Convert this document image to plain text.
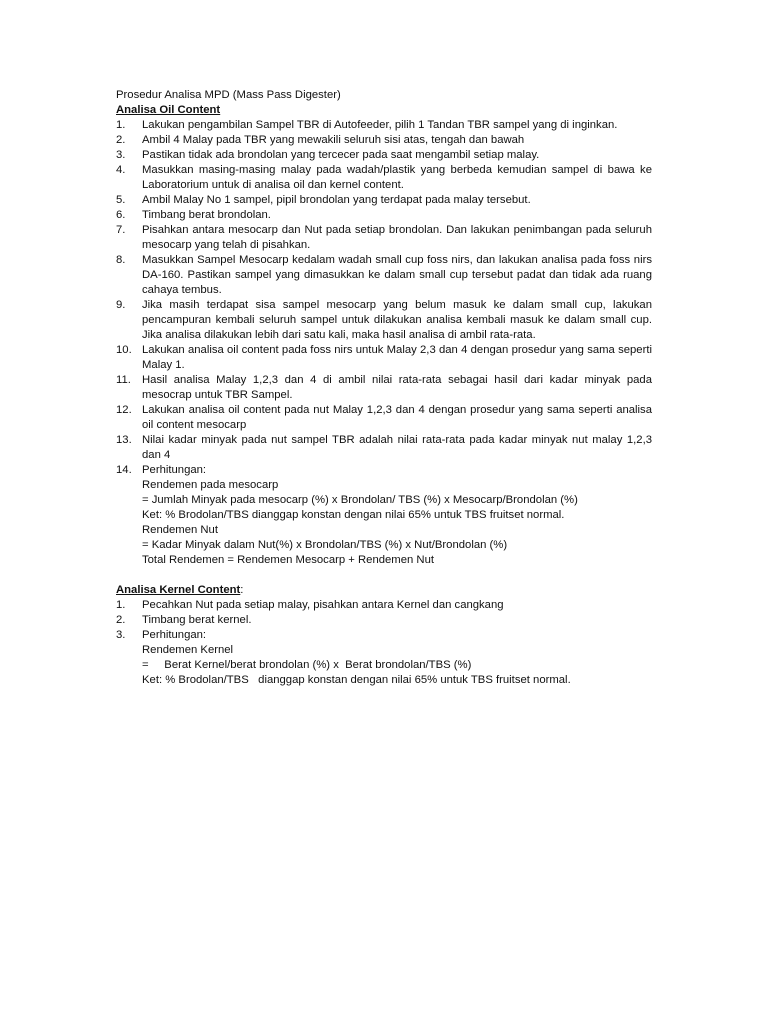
Prosedur Analisa MPD (Mass Pass Digester)

Analisa Oil Content

1.	Lakukan pengambilan Sampel TBR di Autofeeder, pilih 1 Tandan TBR sampel yang di inginkan.
2.	Ambil 4 Malay pada TBR yang mewakili seluruh sisi atas, tengah dan bawah
3.	Pastikan tidak ada brondolan yang tercecer pada saat mengambil setiap malay.
4.	Masukkan masing-masing malay pada wadah/plastik yang berbeda kemudian sampel di bawa ke Laboratorium untuk di analisa oil dan kernel content.
5.	Ambil Malay No 1 sampel, pipil brondolan yang terdapat pada malay tersebut.
6.	Timbang berat brondolan.
7.	Pisahkan antara mesocarp dan Nut pada setiap brondolan. Dan lakukan penimbangan pada seluruh mesocarp yang telah di pisahkan.
8.	Masukkan Sampel Mesocarp kedalam wadah small cup foss nirs, dan lakukan analisa pada foss nirs DA-160. Pastikan sampel yang dimasukkan ke dalam small cup tersebut padat dan tidak ada ruang cahaya tembus.
9.	Jika masih terdapat sisa sampel mesocarp yang belum masuk ke dalam small cup, lakukan pencampuran kembali seluruh sampel untuk dilakukan analisa kembali masuk ke dalam small cup. Jika analisa dilakukan lebih dari satu kali, maka hasil analisa di ambil rata-rata.
10. Lakukan analisa oil content pada foss nirs untuk Malay 2,3 dan 4 dengan prosedur yang sama seperti Malay 1.
11. Hasil analisa Malay 1,2,3 dan 4 di ambil nilai rata-rata sebagai hasil dari kadar minyak pada mesocrap untuk TBR Sampel.
12. Lakukan analisa oil content pada nut Malay 1,2,3 dan 4 dengan prosedur yang sama seperti analisa oil content mesocarp
13. Nilai kadar minyak pada nut sampel TBR adalah nilai rata-rata pada kadar minyak nut malay 1,2,3 dan 4
14. Perhitungan:

Rendemen pada mesocarp

= Jumlah Minyak pada mesocarp (%) x Brondolan/ TBS (%) x Mesocarp/Brondolan (%)

Ket: % Brodolan/TBS dianggap konstan dengan nilai 65% untuk TBS fruitset normal.

Rendemen Nut

= Kadar Minyak dalam Nut(%) x Brondolan/TBS (%) x Nut/Brondolan (%)

Total Rendemen = Rendemen Mesocarp + Rendemen Nut

Analisa Kernel Content:

1.	Pecahkan Nut pada setiap malay, pisahkan antara Kernel dan cangkang
2.	Timbang berat kernel.
3.	Perhitungan:

Rendemen Kernel

=     Berat Kernel/berat brondolan (%) x  Berat brondolan/TBS (%)

Ket: % Brodolan/TBS   dianggap konstan dengan nilai 65% untuk TBS fruitset normal.
